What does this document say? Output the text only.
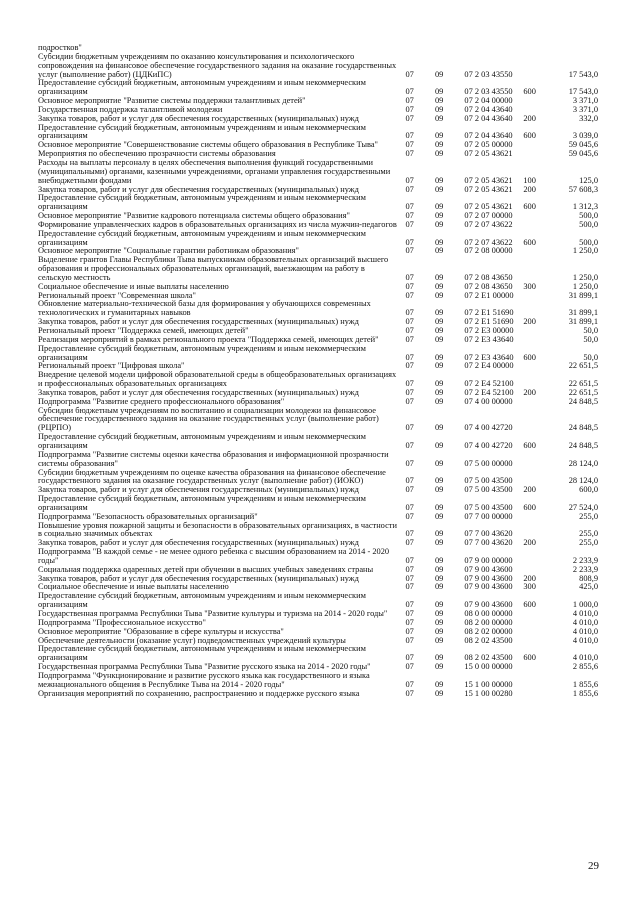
подростков"
Субсидии бюджетным учреждениям по оказанию консультирования и психологического сопровождения на финансовое обеспечение государственного задания на оказание государственных услуг (выполнение работ) (ЦДКиПС)	07	09	07 2 03 43550	17 543,0
Предоставление субсидий бюджетным, автономным учреждениям и иным некоммерческим организациям	07	09	07 2 03 43550	600	17 543,0
Основное мероприятие "Развитие системы поддержки талантливых детей"	07	09	07 2 04 00000	3 371,0
Государственная поддержка талантливой молодежи	07	09	07 2 04 43640	3 371,0
Закупка товаров, работ и услуг для обеспечения государственных (муниципальных) нужд	07	09	07 2 04 43640	200	332,0
Предоставление субсидий бюджетным, автономным учреждениям и иным некоммерческим организациям	07	09	07 2 04 43640	600	3 039,0
Основное мероприятие "Совершенствование системы общего образования в Республике Тыва"	07	09	07 2 05 00000	59 045,6
Мероприятия по обеспечению прозрачности системы образования	07	09	07 2 05 43621	59 045,6
Расходы на выплаты персоналу в целях обеспечения выполнения функций государственными (муниципальными) органами, казенными учреждениями, органами управления государственными внебюджетными фондами	07	09	07 2 05 43621	100	125,0
Закупка товаров, работ и услуг для обеспечения государственных (муниципальных) нужд	07	09	07 2 05 43621	200	57 608,3
Предоставление субсидий бюджетным, автономным учреждениям и иным некоммерческим организациям	07	09	07 2 05 43621	600	1 312,3
Основное мероприятие "Развитие кадрового потенциала системы общего образования"	07	09	07 2 07 00000	500,0
Формирование управленческих кадров в образовательных организациях из числа мужчин-педагогов	07	09	07 2 07 43622	500,0
Предоставление субсидий бюджетным, автономным учреждениям и иным некоммерческим организациям	07	09	07 2 07 43622	600	500,0
Основное мероприятие "Социальные гарантии работникам образования"	07	09	07 2 08 00000	1 250,0
Выделение грантов Главы Республики Тыва выпускникам образовательных организаций высшего образования и профессиональных образовательных организаций, выезжающим на работу в сельскую местность	07	09	07 2 08 43650	1 250,0
Социальное обеспечение и иные выплаты населению	07	09	07 2 08 43650	300	1 250,0
Региональный проект "Современная школа"	07	09	07 2 E1 00000	31 899,1
Обновление материально-технической базы для формирования у обучающихся современных технологических и гуманитарных навыков	07	09	07 2 E1 51690	31 899,1
Закупка товаров, работ и услуг для обеспечения государственных (муниципальных) нужд	07	09	07 2 E1 51690	200	31 899,1
Региональный проект "Поддержка семей, имеющих детей"	07	09	07 2 E3 00000	50,0
Реализация мероприятий в рамках регионального проекта "Поддержка семей, имеющих детей"	07	09	07 2 E3 43640	50,0
Предоставление субсидий бюджетным, автономным учреждениям и иным некоммерческим организациям	07	09	07 2 E3 43640	600	50,0
Региональный проект "Цифровая школа"	07	09	07 2 E4 00000	22 651,5
Внедрение целевой модели цифровой образовательной среды в общеобразовательных организациях и профессиональных образовательных организациях	07	09	07 2 E4 52100	22 651,5
Закупка товаров, работ и услуг для обеспечения государственных (муниципальных) нужд	07	09	07 2 E4 52100	200	22 651,5
Подпрограмма "Развитие среднего профессионального образования"	07	09	07 4 00 00000	24 848,5
Субсидии бюджетным учреждениям по воспитанию и социализации молодежи на финансовое обеспечение государственного задания на оказание государственных услуг (выполнение работ) (РЦРПО)	07	09	07 4 00 42720	24 848,5
Предоставление субсидий бюджетным, автономным учреждениям и иным некоммерческим организациям	07	09	07 4 00 42720	600	24 848,5
Подпрограмма "Развитие системы оценки качества образования и информационной прозрачности системы образования"	07	09	07 5 00 00000	28 124,0
Субсидии бюджетным учреждениям по оценке качества образования на финансовое обеспечение государственного задания на оказание государственных услуг (выполнение работ) (ИОКО)	07	09	07 5 00 43500	28 124,0
Закупка товаров, работ и услуг для обеспечения государственных (муниципальных) нужд	07	09	07 5 00 43500	200	600,0
Предоставление субсидий бюджетным, автономным учреждениям и иным некоммерческим организациям	07	09	07 5 00 43500	600	27 524,0
Подпрограмма "Безопасность образовательных организаций"	07	09	07 7 00 00000	255,0
Повышение уровня пожарной защиты и безопасности в образовательных организациях, в частности в социально значимых объектах	07	09	07 7 00 43620	255,0
Закупка товаров, работ и услуг для обеспечения государственных (муниципальных) нужд	07	09	07 7 00 43620	200	255,0
Подпрограмма "В каждой семье - не менее одного ребенка с высшим образованием на 2014 - 2020 годы"	07	09	07 9 00 00000	2 233,9
Социальная поддержка одаренных детей при обучении в высших учебных заведениях страны	07	09	07 9 00 43600	2 233,9
Закупка товаров, работ и услуг для обеспечения государственных (муниципальных) нужд	07	09	07 9 00 43600	200	808,9
Социальное обеспечение и иные выплаты населению	07	09	07 9 00 43600	300	425,0
Предоставление субсидий бюджетным, автономным учреждениям и иным некоммерческим организациям	07	09	07 9 00 43600	600	1 000,0
Государственная программа Республики Тыва "Развитие культуры и туризма на 2014 - 2020 годы"	07	09	08 0 00 00000	4 010,0
Подпрограмма "Профессиональное искусство"	07	09	08 2 00 00000	4 010,0
Основное мероприятие "Образование в сфере культуры и искусства"	07	09	08 2 02 00000	4 010,0
Обеспечение деятельности (оказание услуг) подведомственных учреждений культуры	07	09	08 2 02 43500	4 010,0
Предоставление субсидий бюджетным, автономным учреждениям и иным некоммерческим организациям	07	09	08 2 02 43500	600	4 010,0
Государственная программа Республики Тыва "Развитие русского языка на 2014 - 2020 годы"	07	09	15 0 00 00000	2 855,6
Подпрограмма "Функционирование и развитие русского языка как государственного и языка межнационального общения в Республике Тыва на 2014 - 2020 годы"	07	09	15 1 00 00000	1 855,6
Организация мероприятий по сохранению, распространению и поддержке русского языка	07	09	15 1 00 00280	1 855,6
29
